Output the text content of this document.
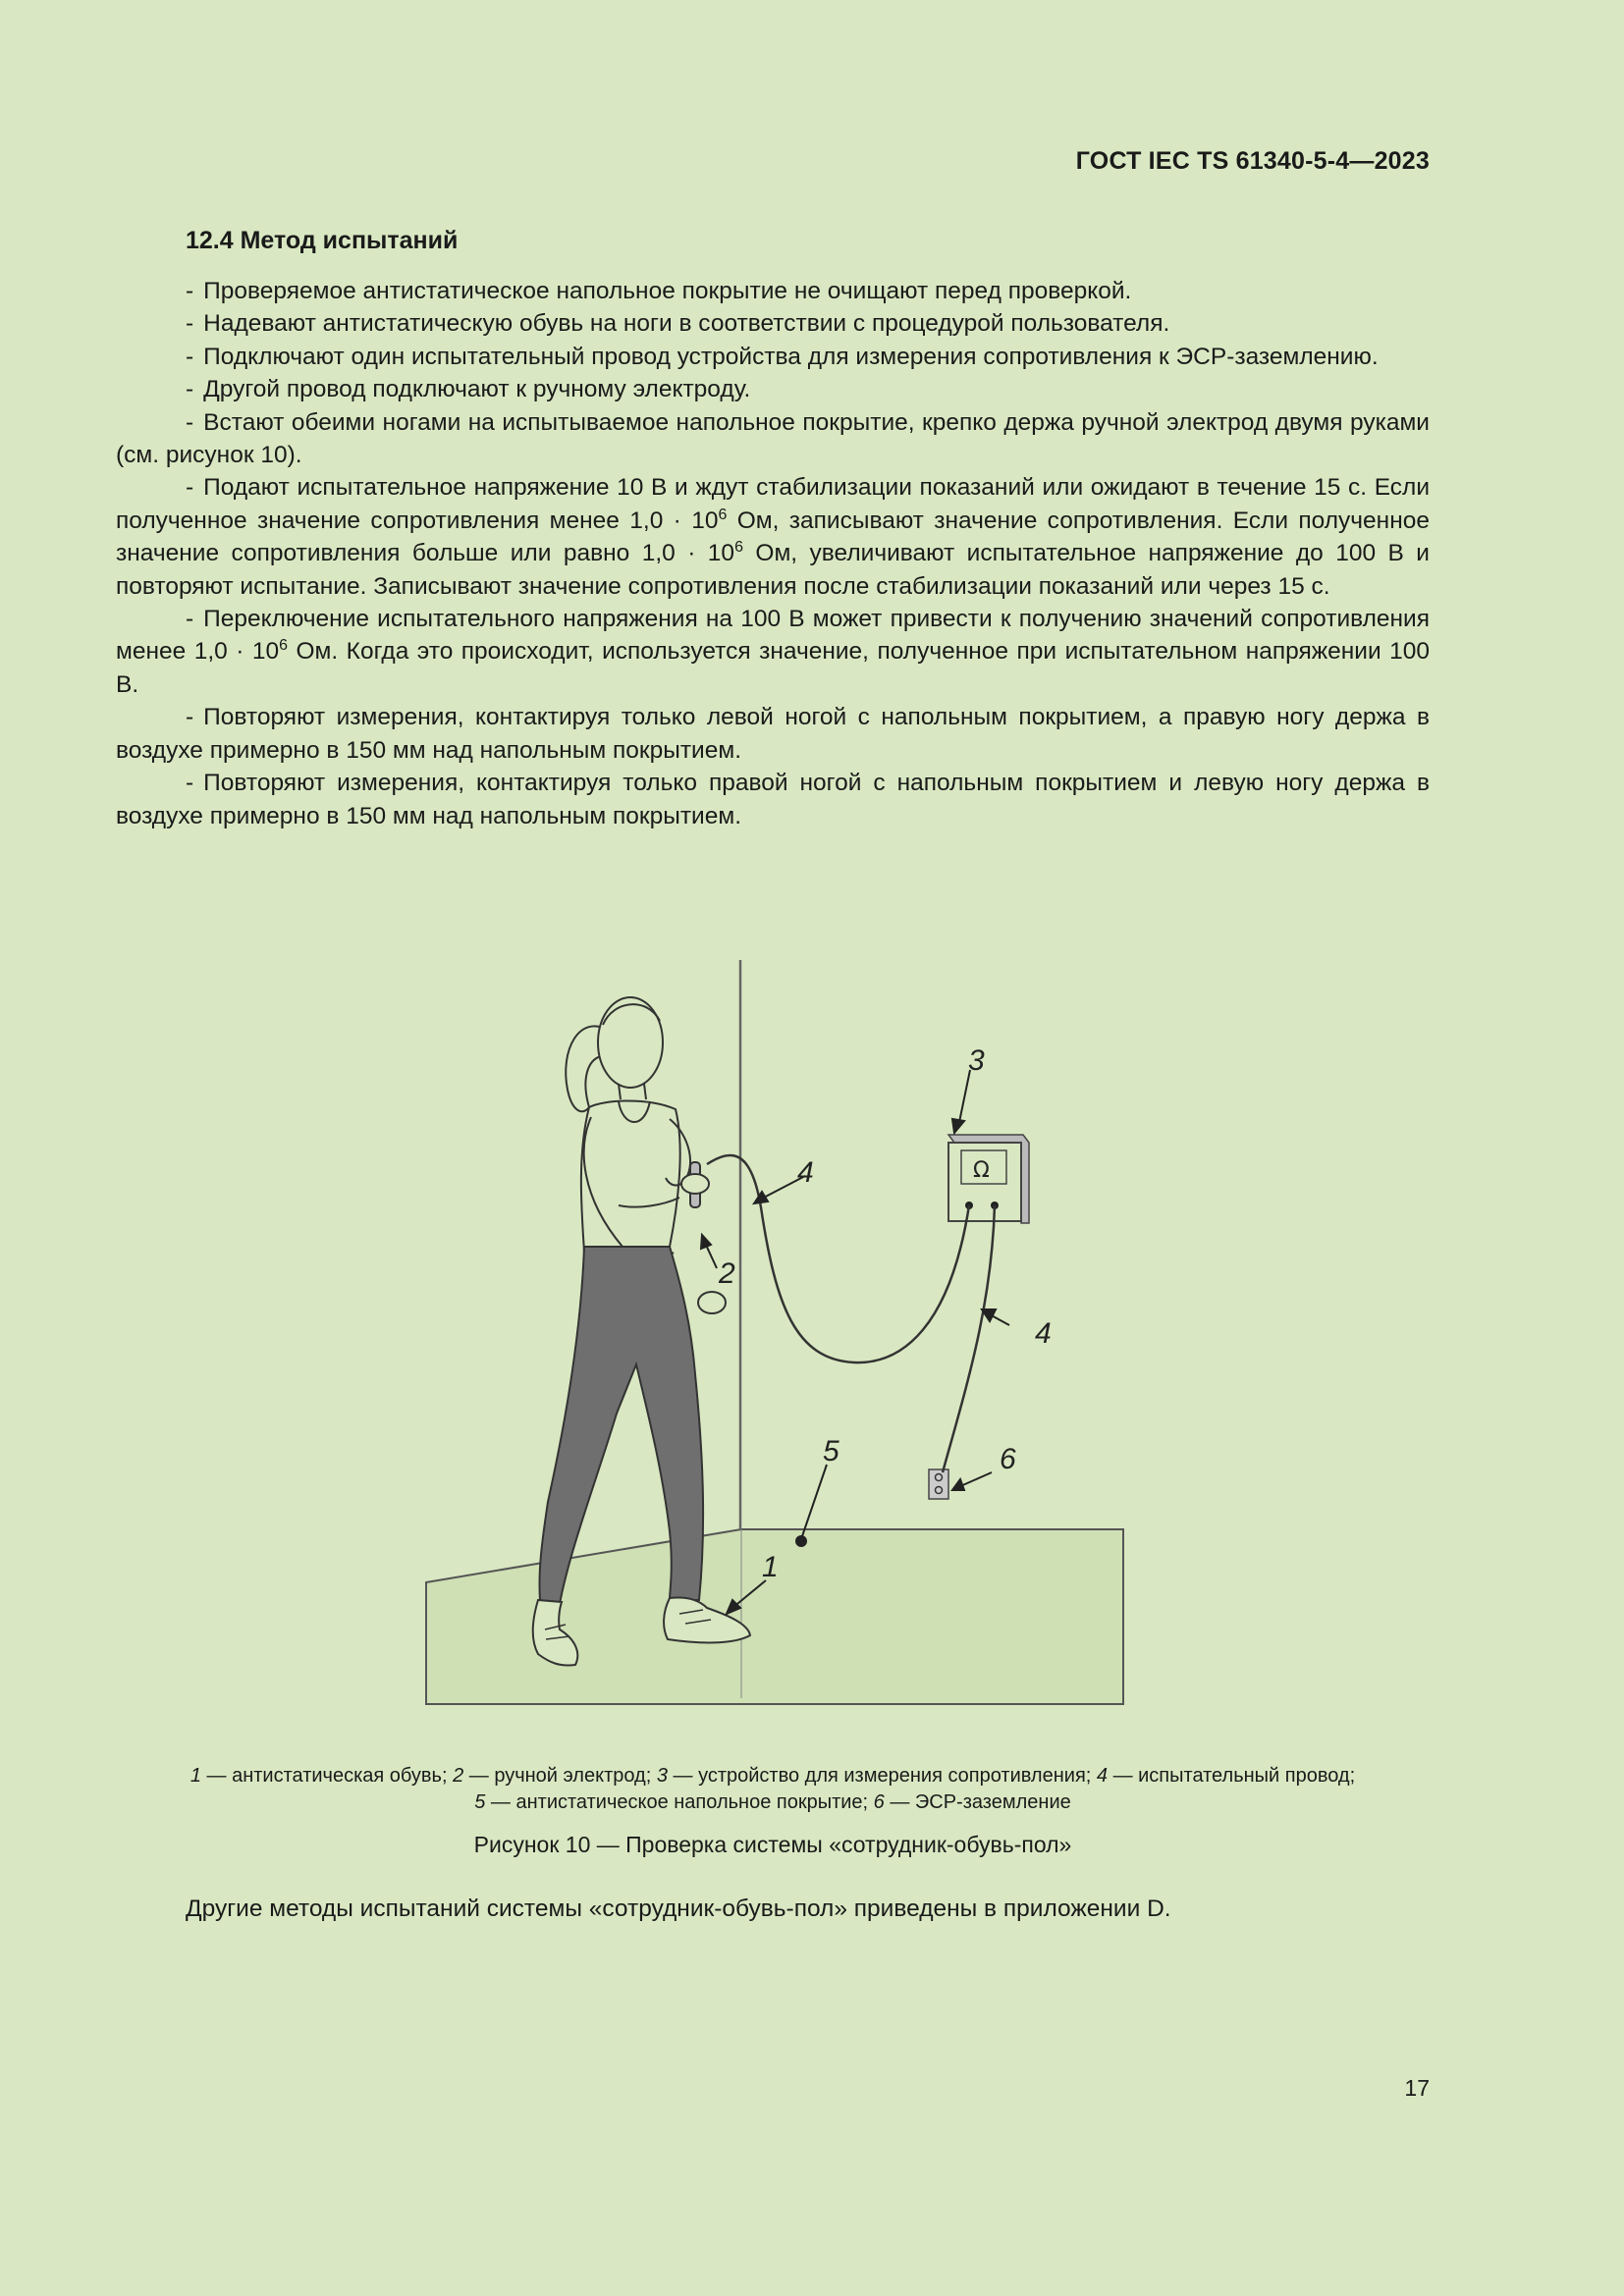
ГОСТ IEC TS 61340-5-4—2023
12.4 Метод испытаний

- Проверяемое антистатическое напольное покрытие не очищают перед проверкой.

- Надевают антистатическую обувь на ноги в соответствии с процедурой пользователя.

- Подключают один испытательный провод устройства для измерения сопротивления к ЭСР-заземлению.

- Другой провод подключают к ручному электроду.

- Встают обеими ногами на испытываемое напольное покрытие, крепко держа ручной электрод двумя руками (см. рисунок 10).

- Подают испытательное напряжение 10 В и ждут стабилизации показаний или ожидают в течение 15 с. Если полученное значение сопротивления менее $1,0 \cdot 10^6$ Ом, записывают значение сопротивления. Если полученное значение сопротивления больше или равно $1,0 \cdot 10^6$ Ом, увеличивают испытательное напряжение до 100 В и повторяют испытание. Записывают значение сопротивления после стабилизации показаний или через 15 с.

- Переключение испытательного напряжения на 100 В может привести к получению значений сопротивления менее $1,0 \cdot 10^6$ Ом. Когда это происходит, используется значение, полученное при испытательном напряжении 100 В.

- Повторяют измерения, контактируя только левой ногой с напольным покрытием, а правую ногу держа в воздухе примерно в 150 мм над напольным покрытием.

- Повторяют измерения, контактируя только правой ногой с напольным покрытием и левую ногу держа в воздухе примерно в 150 мм над напольным покрытием.

Ω
1
2
3
4
4
5	6
1 — антистатическая обувь; 2 — ручной электрод; 3 — устройство для измерения сопротивления; 4 — испытательный провод;
5 — антистатическое напольное покрытие; 6 — ЭСР-заземление
Рисунок 10 — Проверка системы «сотрудник-обувь-пол»
Другие методы испытаний системы «сотрудник-обувь-пол» приведены в приложении D.
17
